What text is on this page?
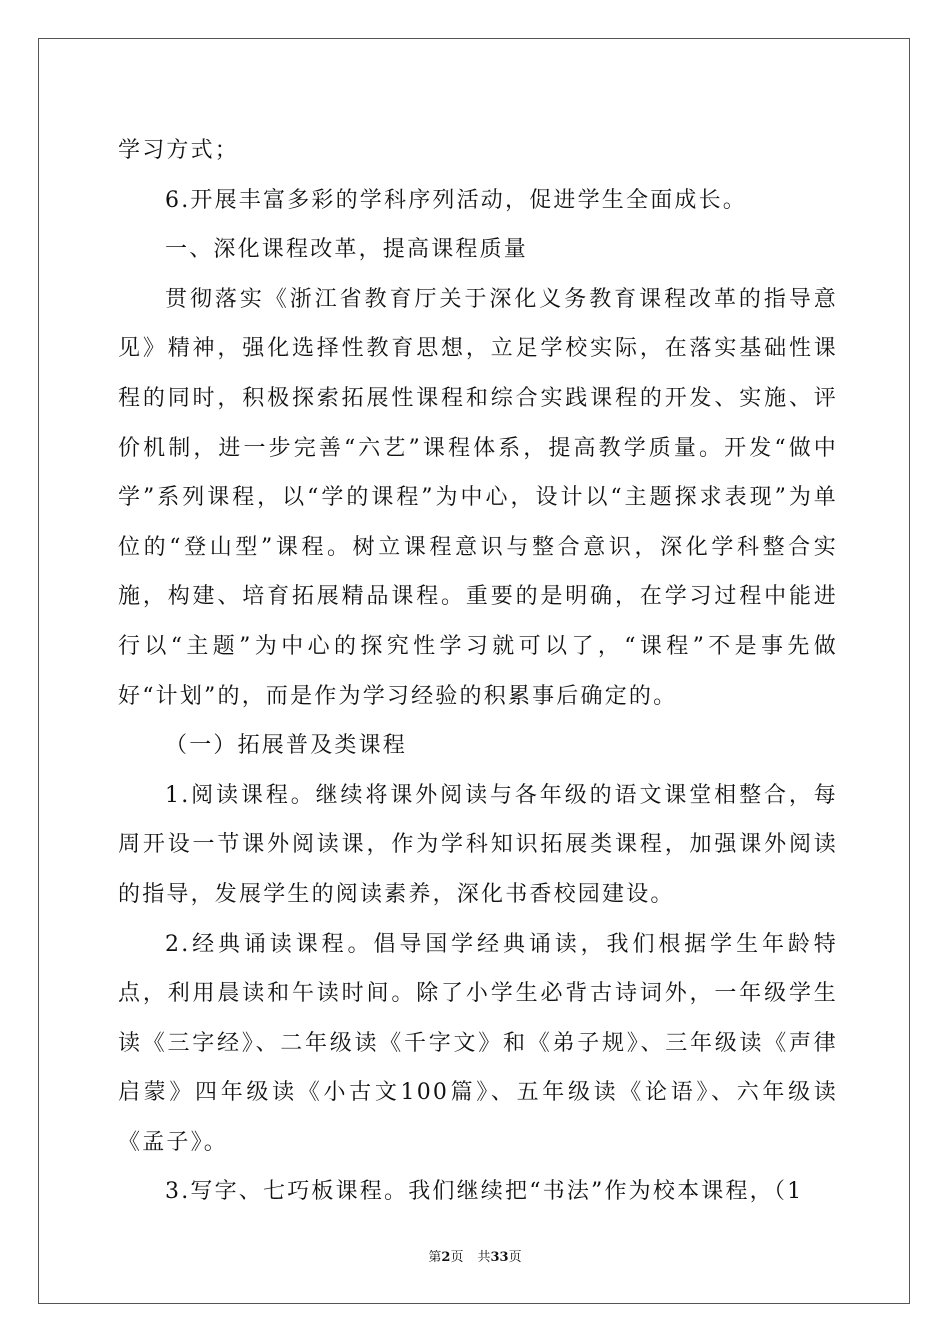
学习方式；

6.开展丰富多彩的学科序列活动，促进学生全面成长。

一、深化课程改革，提高课程质量

贯彻落实《浙江省教育厅关于深化义务教育课程改革的指导意见》精神，强化选择性教育思想，立足学校实际，在落实基础性课程的同时，积极探索拓展性课程和综合实践课程的开发、实施、评价机制，进一步完善“六艺”课程体系，提高教学质量。开发“做中学”系列课程，以“学的课程”为中心，设计以“主题探求表现”为单位的“登山型”课程。树立课程意识与整合意识，深化学科整合实施，构建、培育拓展精品课程。重要的是明确，在学习过程中能进行以“主题”为中心的探究性学习就可以了，“课程”不是事先做好“计划”的，而是作为学习经验的积累事后确定的。

（一）拓展普及类课程

1.阅读课程。继续将课外阅读与各年级的语文课堂相整合，每周开设一节课外阅读课，作为学科知识拓展类课程，加强课外阅读的指导，发展学生的阅读素养，深化书香校园建设。

2.经典诵读课程。倡导国学经典诵读，我们根据学生年龄特点，利用晨读和午读时间。除了小学生必背古诗词外，一年级学生读《三字经》、二年级读《千字文》和《弟子规》、三年级读《声律启蒙》四年级读《小古文100篇》、五年级读《论语》、六年级读《孟子》。

3.写字、七巧板课程。我们继续把“书法”作为校本课程，（1

第2页 共33页
